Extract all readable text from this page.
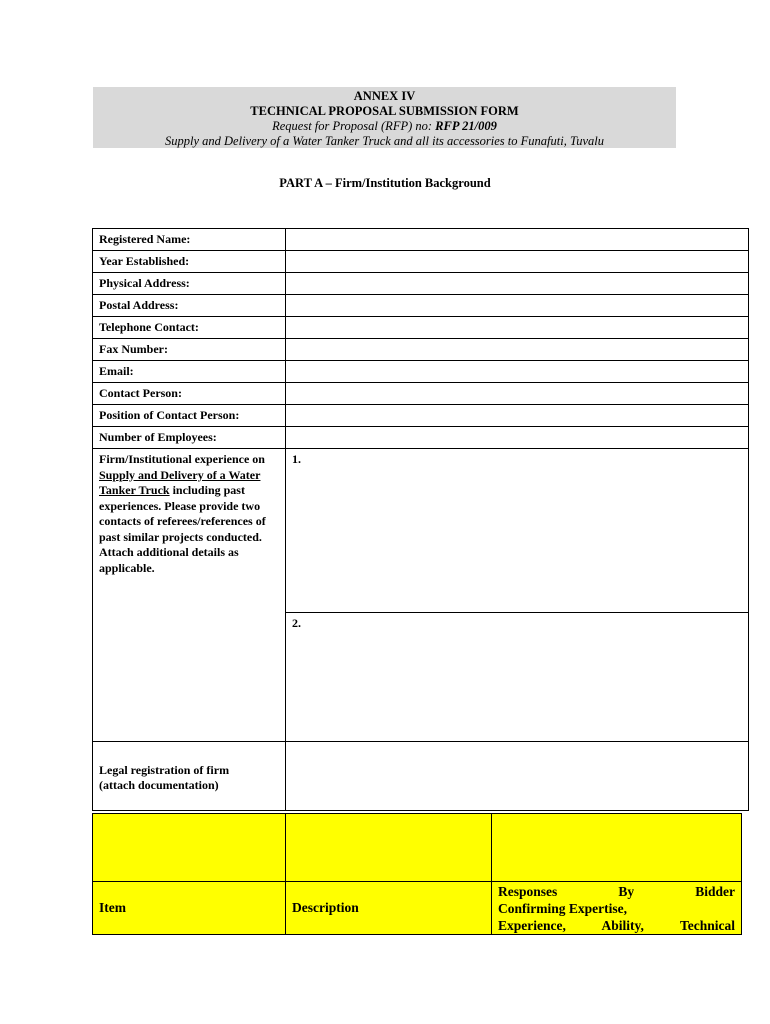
ANNEX IV
TECHNICAL PROPOSAL SUBMISSION FORM
Request for Proposal (RFP) no: RFP 21/009
Supply and Delivery of a Water Tanker Truck and all its accessories to Funafuti, Tuvalu
PART A – Firm/Institution Background
Registered Name:	
Year Established:	
Physical Address:	
Postal Address:	
Telephone Contact:	
Fax Number:	
Email:	
Contact Person:	
Position of Contact Person:	
Number of Employees:	
Firm/Institutional experience on Supply and Delivery of a Water Tanker Truck including past experiences. Please provide two contacts of referees/references of past similar projects conducted. Attach additional details as applicable.	1.
	2.

Legal registration of firm
(attach documentation)	

Item	Description	Responses By Bidder
Confirming Expertise,
Experience, Ability, Technical
